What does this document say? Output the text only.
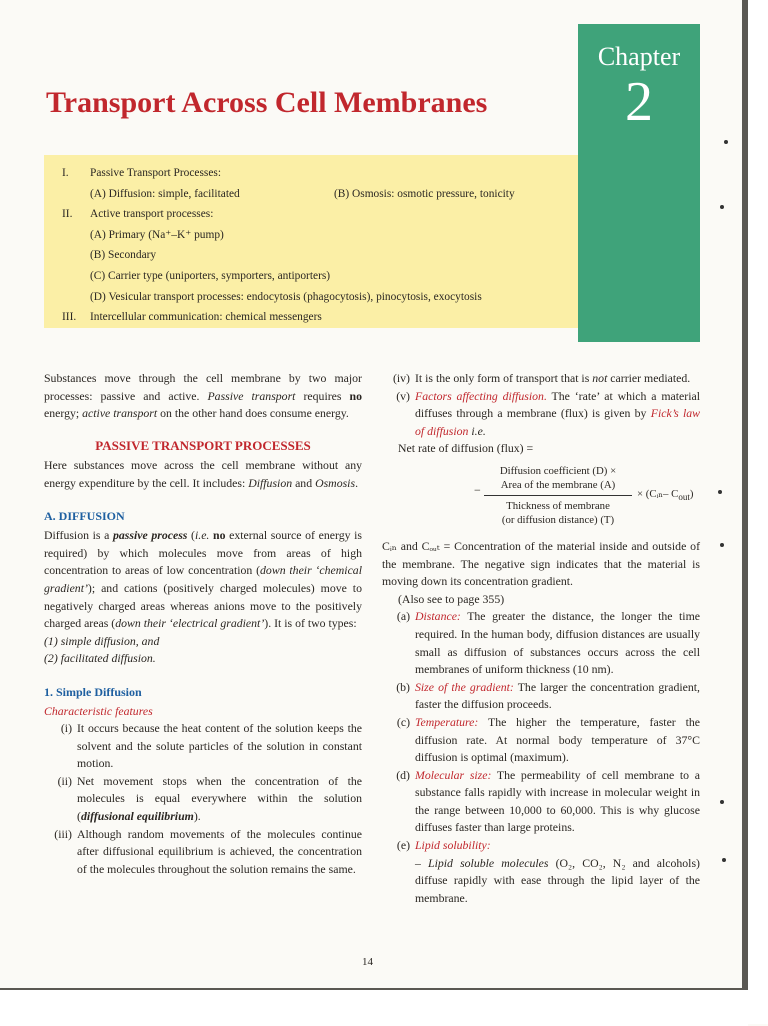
Chapter
2
Transport Across Cell Membranes
I.	Passive Transport Processes:
(A) Diffusion: simple, facilitated	(B) Osmosis: osmotic pressure, tonicity
II.	Active transport processes:
(A) Primary (Na⁺–K⁺ pump)
(B) Secondary
(C) Carrier type (uniporters, symporters, antiporters)
(D) Vesicular transport processes: endocytosis (phagocytosis), pinocytosis, exocytosis
III.	Intercellular communication: chemical messengers

Substances move through the cell membrane by two major processes: passive and active. Passive transport requires no energy; active transport on the other hand does consume energy.

PASSIVE TRANSPORT PROCESSES

Here substances move across the cell membrane without any energy expenditure by the cell. It includes: Diffusion and Osmosis.

A. DIFFUSION

Diffusion is a passive process (i.e. no external source of energy is required) by which molecules move from areas of high concentration to areas of low concentration (down their ‘chemical gradient’); and cations (positively charged molecules) move to negatively charged areas whereas anions move to the positively charged areas (down their ‘electrical gradient’). It is of two types:

(1) simple diffusion, and

(2) facilitated diffusion.

1. Simple Diffusion

Characteristic features

(i) It occurs because the heat content of the solution keeps the solvent and the solute particles of the solution in constant motion.
(ii) Net movement stops when the concentration of the molecules is equal everywhere within the solution (diffusional equilibrium).
(iii) Although random movements of the molecules continue after diffusional equilibrium is achieved, the concentration of the molecules throughout the solution remains the same.
(iv) It is the only form of transport that is not carrier mediated.
(v) Factors affecting diffusion. The ‘rate’ at which a material diffuses through a membrane (flux) is given by Fick’s law of diffusion i.e.

Net rate of diffusion (flux) =

−
Diffusion coefficient (D) ×
Area of the membrane (A)
Thickness of membrane
(or diffusion distance) (T)
× (Cᵢₙ– $C_{out}$)

Cᵢₙ and Cₒᵤₜ = Concentration of the material inside and outside of the membrane. The negative sign indicates that the material is moving down its concentration gradient.

(Also see to page 355)

(a) Distance: The greater the distance, the longer the time required. In the human body, diffusion distances are usually small as diffusion of substances occurs across the cell membranes of uniform thickness (10 nm).
(b) Size of the gradient: The larger the concentration gradient, faster the diffusion proceeds.
(c) Temperature: The higher the temperature, faster the diffusion rate. At normal body temperature of 37°C diffusion is optimal (maximum).
(d) Molecular size: The permeability of cell membrane to a substance falls rapidly with increase in molecular weight in the range between 10,000 to 60,000. This is why glucose diffuses faster than large proteins.
(e) Lipid solubility:
– Lipid soluble molecules (O₂, CO₂, N₂ and alcohols) diffuse rapidly with ease through the lipid layer of the membrane.
14
